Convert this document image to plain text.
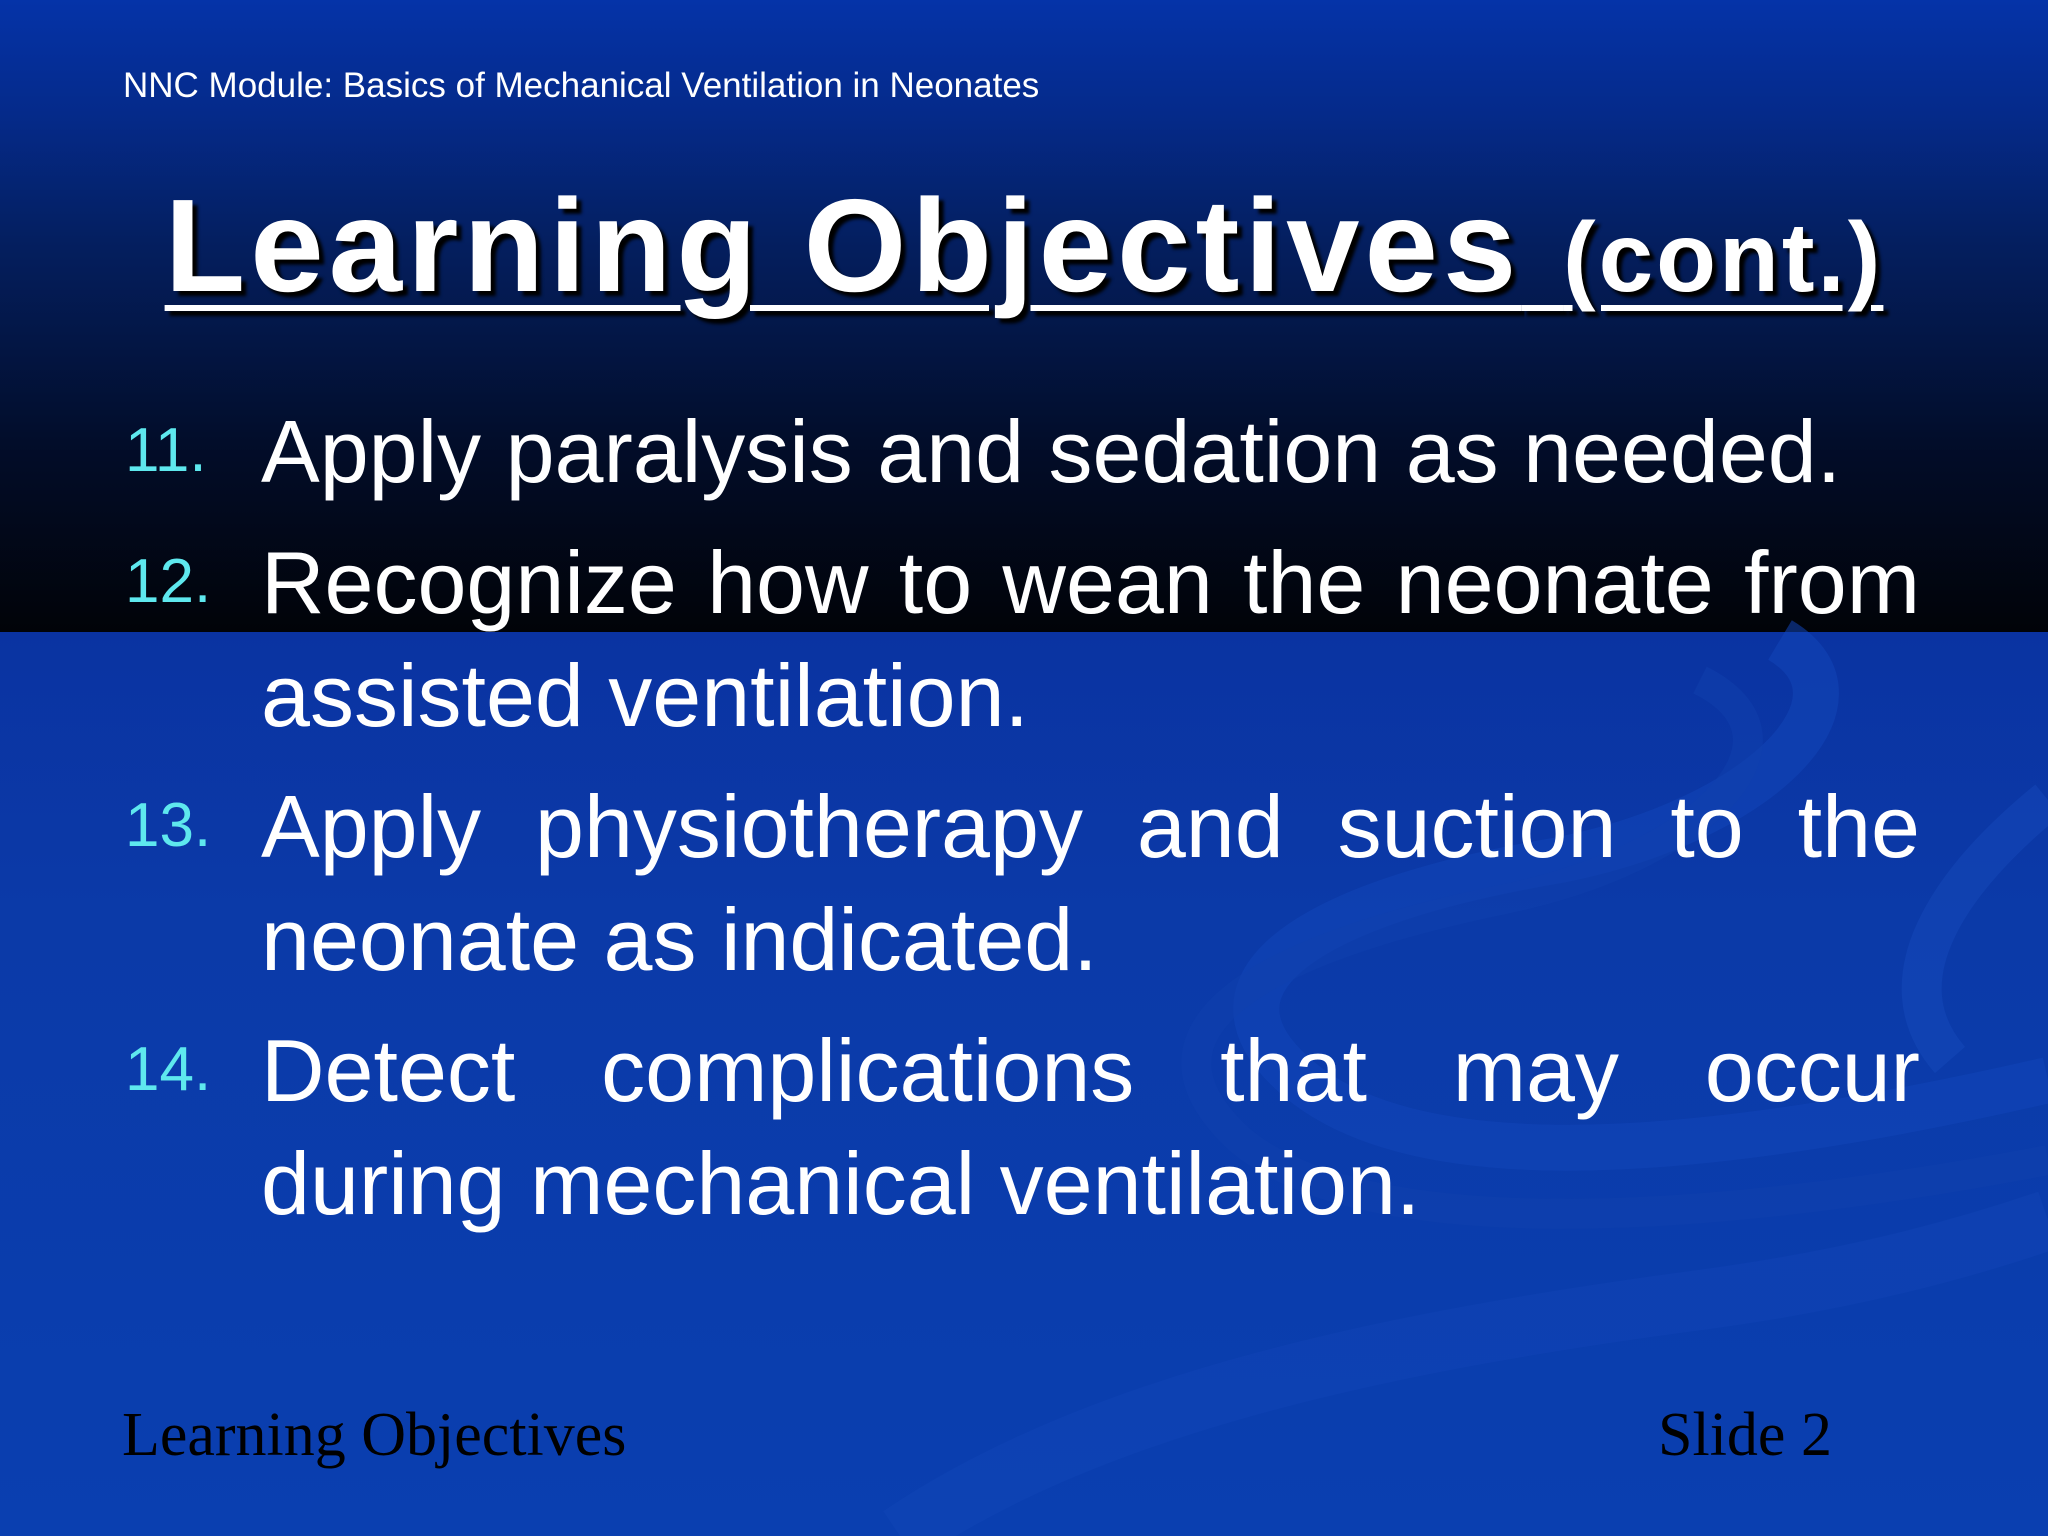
NNC Module: Basics of Mechanical Ventilation in Neonates
Learning Objectives (cont.)
11. Apply paralysis and sedation as needed.
12. Recognize how to wean the neonate from assisted ventilation.
13. Apply physiotherapy and suction to the neonate as indicated.
14. Detect complications that may occur during mechanical ventilation.
Learning Objectives	Slide 2
